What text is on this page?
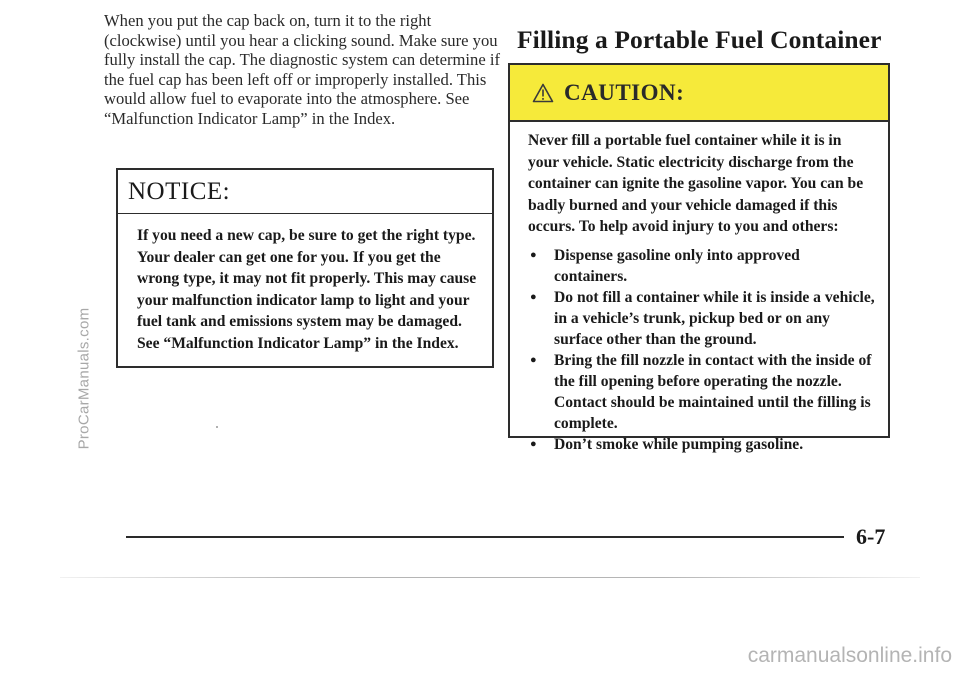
ProCarManuals.com

When you put the cap back on, turn it to the right (clockwise) until you hear a clicking sound. Make sure you fully install the cap. The diagnostic system can determine if the fuel cap has been left off or improperly installed. This would allow fuel to evaporate into the atmosphere. See “Malfunction Indicator Lamp” in the Index.

NOTICE:

If you need a new cap, be sure to get the right type. Your dealer can get one for you. If you get the wrong type, it may not fit properly. This may cause your malfunction indicator lamp to light and your fuel tank and emissions system may be damaged. See “Malfunction Indicator Lamp” in the Index.

Filling a Portable Fuel Container
CAUTION:

Never fill a portable fuel container while it is in your vehicle. Static electricity discharge from the container can ignite the gasoline vapor. You can be badly burned and your vehicle damaged if this occurs. To help avoid injury to you and others:

● Dispense gasoline only into approved containers.
● Do not fill a container while it is inside a vehicle, in a vehicle’s trunk, pickup bed or on any surface other than the ground.
● Bring the fill nozzle in contact with the inside of the fill opening before operating the nozzle. Contact should be maintained until the filling is complete.
● Don’t smoke while pumping gasoline.
6-7
carmanualsonline.info
